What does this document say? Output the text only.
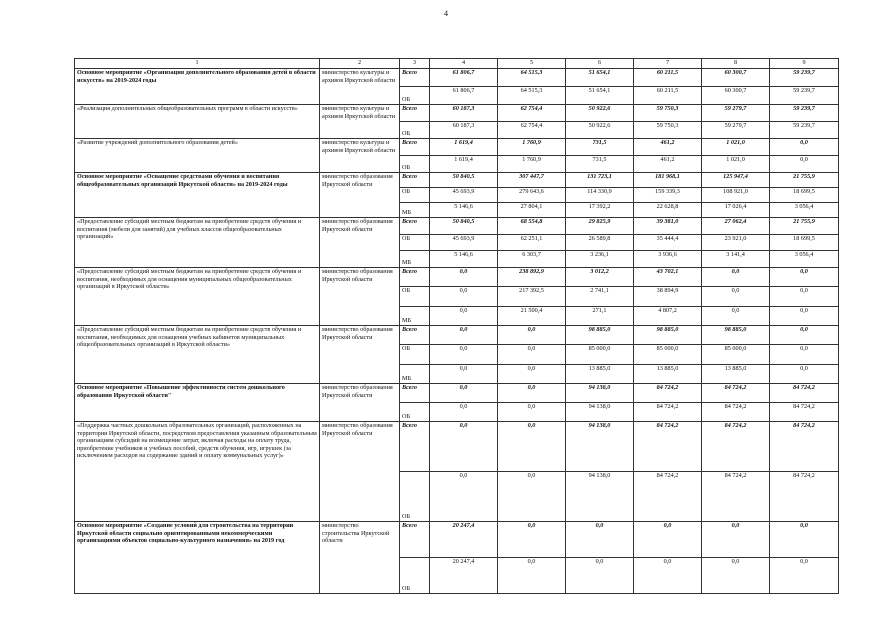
4
1	2	3	4	5	6	7	8	9
Основное мероприятие «Организация дополнительного образования детей в области искусств» на 2019-2024 годы	министерство культуры и архивов Иркутской области	Всего	61 806,7	64 515,3	51 654,1	60 211,5	60 300,7	59 239,7
		ОБ	61 806,7	64 515,3	51 654,1	60 211,5	60 300,7	59 239,7
«Реализация дополнительных общеобразовательных программ в области искусств»	министерство культуры и архивов Иркутской области	Всего	60 187,3	62 754,4	50 922,6	59 750,3	59 279,7	59 239,7
		ОБ	60 187,3	62 754,4	50 922,6	59 750,3	59 279,7	59 239,7
«Развитие учреждений дополнительного образования детей»	министерство культуры и архивов Иркутской области	Всего	1 619,4	1 760,9	731,5	461,2	1 021,0	0,0
		ОБ	1 619,4	1 760,9	731,5	461,2	1 021,0	0,0
Основное мероприятие «Оснащение средствами обучения и воспитания общеобразовательных организаций Иркутской области» на 2019-2024 годы	министерство образования Иркутской области	Всего	50 840,5	307 447,7	131 723,1	181 968,1	125 947,4	21 755,9
		ОБ	45 693,9	279 643,6	114 330,9	159 339,3	108 921,0	18 699,5
		МБ	5 146,6	27 804,1	17 392,2	22 628,8	17 026,4	3 056,4
«Предоставление субсидий местным бюджетам на приобретение средств обучения и воспитания (мебели для занятий) для учебных классов общеобразовательных организаций»	министерство образования Иркутской области	Всего	50 840,5	68 554,8	29 825,9	39 381,0	27 062,4	21 755,9
		ОБ	45 693,9	62 251,1	26 589,8	35 444,4	23 921,0	18 699,5
		МБ	5 146,6	6 303,7	3 236,1	3 936,6	3 141,4	3 056,4
«Предоставление субсидий местным бюджетам на приобретение средств обучения и воспитания, необходимых для оснащения муниципальных общеобразовательных организаций в Иркутской области»	министерство образования Иркутской области	Всего	0,0	238 892,9	3 012,2	43 702,1	0,0	0,0
		ОБ	0,0	217 392,5	2 741,1	38 894,9	0,0	0,0
		МБ	0,0	21 500,4	271,1	4 807,2	0,0	0,0
«Предоставление субсидий местным бюджетам на приобретение средств обучения и воспитания, необходимых для оснащения учебных кабинетов муниципальных общеобразовательных организаций в Иркутской области»	министерство образования Иркутской области	Всего	0,0	0,0	98 885,0	98 885,0	98 885,0	0,0
		ОБ	0,0	0,0	85 000,0	85 000,0	85 000,0	0,0
		МБ	0,0	0,0	13 885,0	13 885,0	13 885,0	0,0
Основное мероприятие «Повышение эффективности систем дошкольного образования Иркутской области"	министерство образования Иркутской области	Всего	0,0	0,0	94 138,0	84 724,2	84 724,2	84 724,2
		ОБ	0,0	0,0	94 138,0	84 724,2	84 724,2	84 724,2
«Поддержка частных дошкольных образовательных организаций, расположенных на территории Иркутской области, посредством предоставления указанным образовательным организациям субсидий на возмещение затрат, включая расходы на оплату труда, приобретение учебников и учебных пособий, средств обучения, игр, игрушек (за исключением расходов на содержание зданий и оплату коммунальных услуг)»	министерство образования Иркутской области	Всего	0,0	0,0	94 138,0	84 724,2	84 724,2	84 724,2
		ОБ	0,0	0,0	94 138,0	84 724,2	84 724,2	84 724,2
Основное мероприятие «Создание условий для строительства на территории Иркутской области социально ориентированными некоммерческими организациями объектов социально-культурного назначения» на 2019 год	министерство строительства Иркутской области	Всего	20 247,4	0,0	0,0	0,0	0,0	0,0
		ОБ	20 247,4	0,0	0,0	0,0	0,0	0,0
